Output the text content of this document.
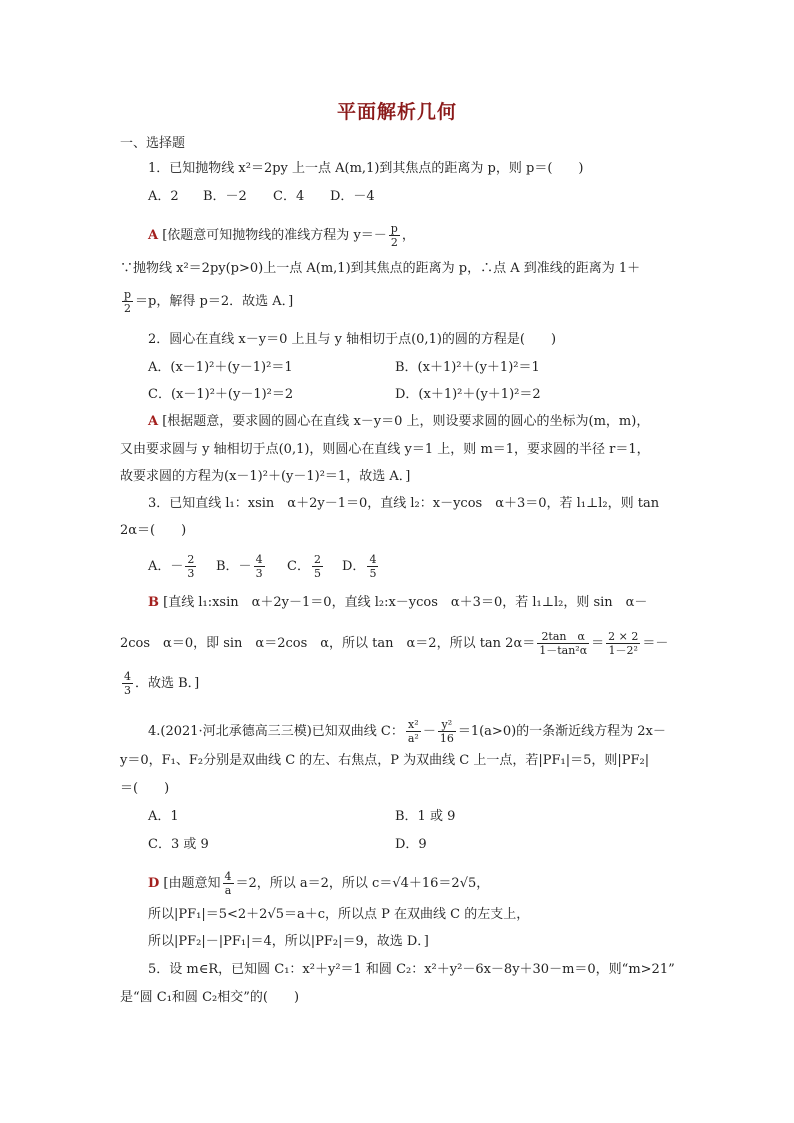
平面解析几何
一、选择题
1．已知抛物线 x²＝2py 上一点 A(m,1)到其焦点的距离为 p，则 p＝(　　)
A．2 B．－2 C．4 D．－4
A [依题意可知抛物线的准线方程为 $y=- \frac{p}{2}$ ，
∵抛物线 x²＝2py(p>0)上一点 A(m,1)到其焦点的距离为 p，∴点 A 到准线的距离为 1＋
$\frac{p}{2} =p$，解得 p＝2．故选 A．]
2．圆心在直线 x－y＝0 上且与 y 轴相切于点(0,1)的圆的方程是(　　)
A．(x－1)²＋(y－1)²＝1	B．(x＋1)²＋(y＋1)²＝1
C．(x－1)²＋(y－1)²＝2	D．(x＋1)²＋(y＋1)²＝2
A [根据题意，要求圆的圆心在直线 x－y＝0 上，则设要求圆的圆心的坐标为(m，m)，
又由要求圆与 y 轴相切于点(0,1)，则圆心在直线 y＝1 上，则 m＝1，要求圆的半径 r＝1，
故要求圆的方程为(x－1)²＋(y－1)²＝1，故选 A．]
3．已知直线 l₁：xsin　α＋2y－1＝0，直线 l₂：x－ycos　α＋3＝0，若 l₁⊥l₂，则 tan
2α＝(　　)
A．－ $\frac{2}{3}$ B．－ $\frac{4}{3}$ C． $\frac{2}{5}$ D． $\frac{4}{5}$
B [直线 l₁:xsin　α＋2y－1＝0，直线 l₂:x－ycos　α＋3＝0，若 l₁⊥l₂，则 sin　α－
2cos　α＝0，即 sin　α＝2cos　α，所以 tan　α＝2，所以 $\tan 2\alpha= \frac{\text{2tan　α}}{\text{1－tan²α}} = \frac{2 \times 2}{\text{1－2²}}$ ＝－
$\frac{4}{3}$ ．故选 B．]
4.(2021·河北承德高三三模)已知双曲线 C： $\frac{\text{x²}}{\text{a²}} - \frac{\text{y²}}{16} =1(a>0)$的一条渐近线方程为 2x－
y＝0，F₁、F₂分别是双曲线 C 的左、右焦点，P 为双曲线 C 上一点，若|PF₁|＝5，则|PF₂|
＝(　　)
A．1	B．1 或 9
C．3 或 9	D．9
D [由题意知 $\frac{4}{a} =2$，所以 a＝2，所以 c＝√4＋16＝2√5，
所以|PF₁|＝5<2＋2√5＝a＋c，所以点 P 在双曲线 C 的左支上，
所以|PF₂|－|PF₁|＝4，所以|PF₂|＝9，故选 D．]
5．设 m∈R，已知圆 C₁：x²＋y²＝1 和圆 C₂：x²＋y²－6x－8y＋30－m＝0，则“m>21”
是“圆 C₁和圆 C₂相交”的(　　)
